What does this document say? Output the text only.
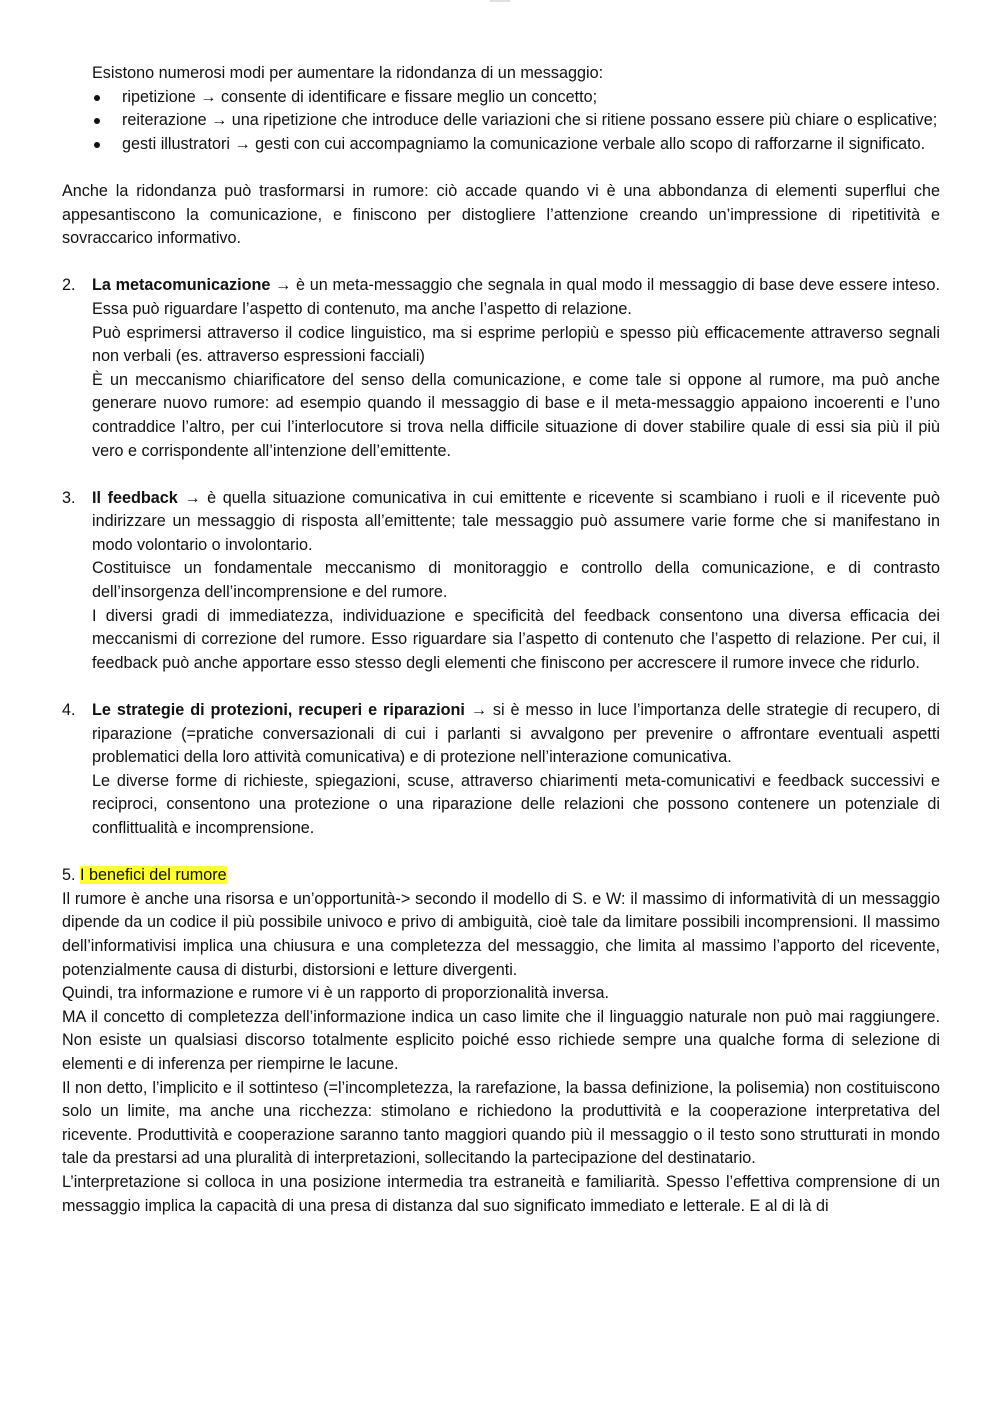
Esistono numerosi modi per aumentare la ridondanza di un messaggio:

ripetizione → consente di identificare e fissare meglio un concetto;
reiterazione → una ripetizione che introduce delle variazioni che si ritiene possano essere più chiare o esplicative;
gesti illustratori → gesti con cui accompagniamo la comunicazione verbale allo scopo di rafforzarne il significato.

Anche la ridondanza può trasformarsi in rumore: ciò accade quando vi è una abbondanza di elementi superflui che appesantiscono la comunicazione, e finiscono per distogliere l’attenzione creando un’impressione di ripetitività e sovraccarico informativo.

2. La metacomunicazione → è un meta-messaggio che segnala in qual modo il messaggio di base deve essere inteso. Essa può riguardare l’aspetto di contenuto, ma anche l’aspetto di relazione.

Può esprimersi attraverso il codice linguistico, ma si esprime perlopiù e spesso più efficacemente attraverso segnali non verbali (es. attraverso espressioni facciali)

È un meccanismo chiarificatore del senso della comunicazione, e come tale si oppone al rumore, ma può anche generare nuovo rumore: ad esempio quando il messaggio di base e il meta-messaggio appaiono incoerenti e l’uno contraddice l’altro, per cui l’interlocutore si trova nella difficile situazione di dover stabilire quale di essi sia più il più vero e corrispondente all’intenzione dell’emittente.

3. Il feedback → è quella situazione comunicativa in cui emittente e ricevente si scambiano i ruoli e il ricevente può indirizzare un messaggio di risposta all’emittente; tale messaggio può assumere varie forme che si manifestano in modo volontario o involontario.

Costituisce un fondamentale meccanismo di monitoraggio e controllo della comunicazione, e di contrasto dell’insorgenza dell’incomprensione e del rumore.

I diversi gradi di immediatezza, individuazione e specificità del feedback consentono una diversa efficacia dei meccanismi di correzione del rumore. Esso riguardare sia l’aspetto di contenuto che l’aspetto di relazione. Per cui, il feedback può anche apportare esso stesso degli elementi che finiscono per accrescere il rumore invece che ridurlo.

4. Le strategie di protezioni, recuperi e riparazioni → si è messo in luce l’importanza delle strategie di recupero, di riparazione (=pratiche conversazionali di cui i parlanti si avvalgono per prevenire o affrontare eventuali aspetti problematici della loro attività comunicativa) e di protezione nell’interazione comunicativa.

Le diverse forme di richieste, spiegazioni, scuse, attraverso chiarimenti meta-comunicativi e feedback successivi e reciproci, consentono una protezione o una riparazione delle relazioni che possono contenere un potenziale di conflittualità e incomprensione.

5. I benefici del rumore

Il rumore è anche una risorsa e un’opportunità-> secondo il modello di S. e W: il massimo di informatività di un messaggio dipende da un codice il più possibile univoco e privo di ambiguità, cioè tale da limitare possibili incomprensioni. Il massimo dell’informativisi implica una chiusura e una completezza del messaggio, che limita al massimo l’apporto del ricevente, potenzialmente causa di disturbi, distorsioni e letture divergenti.

Quindi, tra informazione e rumore vi è un rapporto di proporzionalità inversa.

MA il concetto di completezza dell’informazione indica un caso limite che il linguaggio naturale non può mai raggiungere. Non esiste un qualsiasi discorso totalmente esplicito poiché esso richiede sempre una qualche forma di selezione di elementi e di inferenza per riempirne le lacune.

Il non detto, l’implicito e il sottinteso (=l’incompletezza, la rarefazione, la bassa definizione, la polisemia) non costituiscono solo un limite, ma anche una ricchezza: stimolano e richiedono la produttività e la cooperazione interpretativa del ricevente. Produttività e cooperazione saranno tanto maggiori quando più il messaggio o il testo sono strutturati in mondo tale da prestarsi ad una pluralità di interpretazioni, sollecitando la partecipazione del destinatario.

L’interpretazione si colloca in una posizione intermedia tra estraneità e familiarità. Spesso l’effettiva comprensione di un messaggio implica la capacità di una presa di distanza dal suo significato immediato e letterale. E al di là di
